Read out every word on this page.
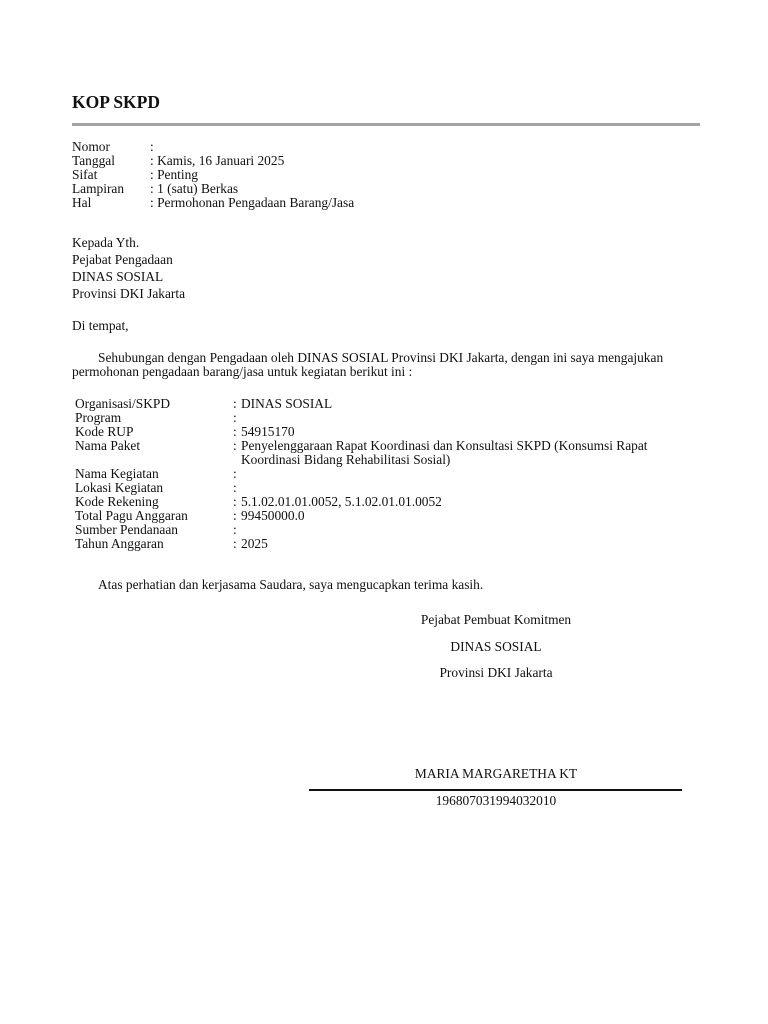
KOP SKPD
Nomor	:
Tanggal	: Kamis, 16 Januari 2025
Sifat	: Penting
Lampiran	: 1 (satu) Berkas
Hal	: Permohonan Pengadaan Barang/Jasa
Kepada Yth.
Pejabat Pengadaan
DINAS SOSIAL
Provinsi DKI Jakarta
Di tempat,

Sehubungan dengan Pengadaan oleh DINAS SOSIAL Provinsi DKI Jakarta, dengan ini saya mengajukan permohonan pengadaan barang/jasa untuk kegiatan berikut ini :

Organisasi/SKPD	: DINAS SOSIAL
Program	:
Kode RUP	: 54915170
Nama Paket	: Penyelenggaraan Rapat Koordinasi dan Konsultasi SKPD (Konsumsi Rapat Koordinasi Bidang Rehabilitasi Sosial)
Nama Kegiatan	:
Lokasi Kegiatan	:
Kode Rekening	: 5.1.02.01.01.0052, 5.1.02.01.01.0052
Total Pagu Anggaran	: 99450000.0
Sumber Pendanaan	:
Tahun Anggaran	: 2025
Atas perhatian dan kerjasama Saudara, saya mengucapkan terima kasih.
Pejabat Pembuat Komitmen
DINAS SOSIAL
Provinsi DKI Jakarta
MARIA MARGARETHA KT
196807031994032010
